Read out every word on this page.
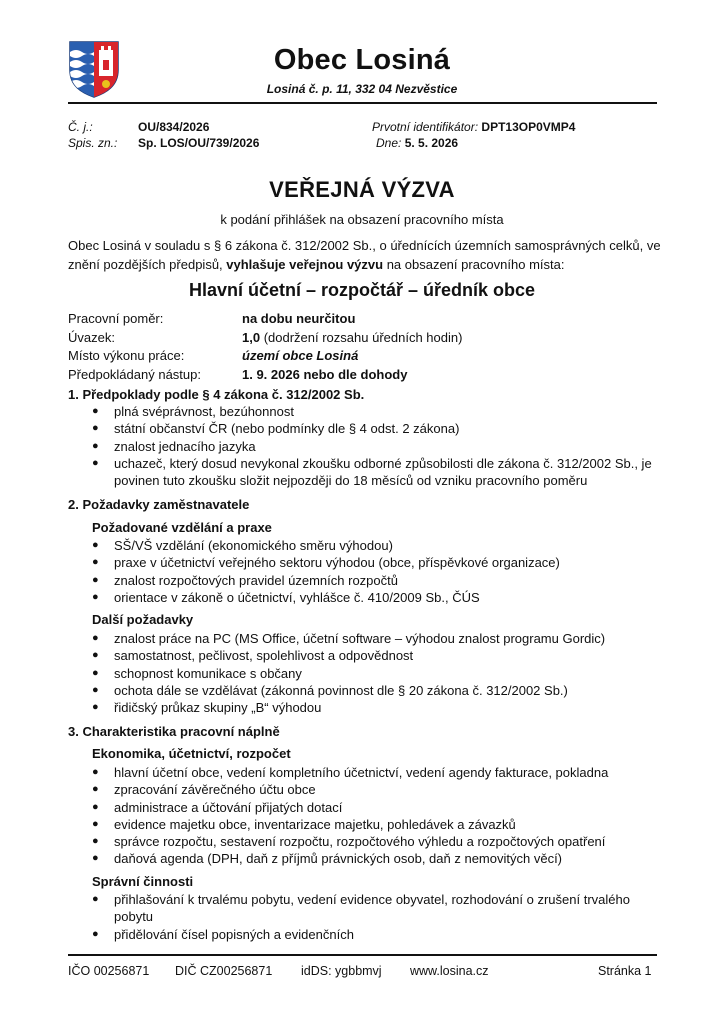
Obec Losiná
Losiná č. p. 11, 332 04 Nezvěstice
Č. j.:	OU/834/2026
Spis. zn.: Sp. LOS/OU/739/2026
Prvotní identifikátor: DPT13OP0VMP4
Dne: 5. 5. 2026
VEŘEJNÁ VÝZVA
k podání přihlášek na obsazení pracovního místa
Obec Losiná v souladu s § 6 zákona č. 312/2002 Sb., o úřednících územních samosprávných celků, ve znění pozdějších předpisů, vyhlašuje veřejnou výzvu na obsazení pracovního místa:
Hlavní účetní – rozpočtář – úředník obce
Pracovní poměr:	na dobu neurčitou
Úvazek:	1,0 (dodržení rozsahu úředních hodin)
Místo výkonu práce:	území obce Losiná
Předpokládaný nástup:	1. 9. 2026 nebo dle dohody
1. Předpoklady podle § 4 zákona č. 312/2002 Sb.
● plná svéprávnost, bezúhonnost
● státní občanství ČR (nebo podmínky dle § 4 odst. 2 zákona)
● znalost jednacího jazyka
● uchazeč, který dosud nevykonal zkoušku odborné způsobilosti dle zákona č. 312/2002 Sb., je povinen tuto zkoušku složit nejpozději do 18 měsíců od vzniku pracovního poměru
2. Požadavky zaměstnavatele
Požadované vzdělání a praxe
● SŠ/VŠ vzdělání (ekonomického směru výhodou)
● praxe v účetnictví veřejného sektoru výhodou (obce, příspěvkové organizace)
● znalost rozpočtových pravidel územních rozpočtů
● orientace v zákoně o účetnictví, vyhlášce č. 410/2009 Sb., ČÚS
Další požadavky
● znalost práce na PC (MS Office, účetní software – výhodou znalost programu Gordic)
● samostatnost, pečlivost, spolehlivost a odpovědnost
● schopnost komunikace s občany
● ochota dále se vzdělávat (zákonná povinnost dle § 20 zákona č. 312/2002 Sb.)
● řidičský průkaz skupiny „B“ výhodou
3. Charakteristika pracovní náplně
Ekonomika, účetnictví, rozpočet
● hlavní účetní obce, vedení kompletního účetnictví, vedení agendy fakturace, pokladna
● zpracování závěrečného účtu obce
● administrace a účtování přijatých dotací
● evidence majetku obce, inventarizace majetku, pohledávek a závazků
● správce rozpočtu, sestavení rozpočtu, rozpočtového výhledu a rozpočtových opatření
● daňová agenda (DPH, daň z příjmů právnických osob, daň z nemovitých věcí)
Správní činnosti
● přihlašování k trvalému pobytu, vedení evidence obyvatel, rozhodování o zrušení trvalého pobytu
● přidělování čísel popisných a evidenčních
IČO 00256871 DIČ CZ00256871 idDS: ygbbmvj www.losina.cz	Stránka 1
